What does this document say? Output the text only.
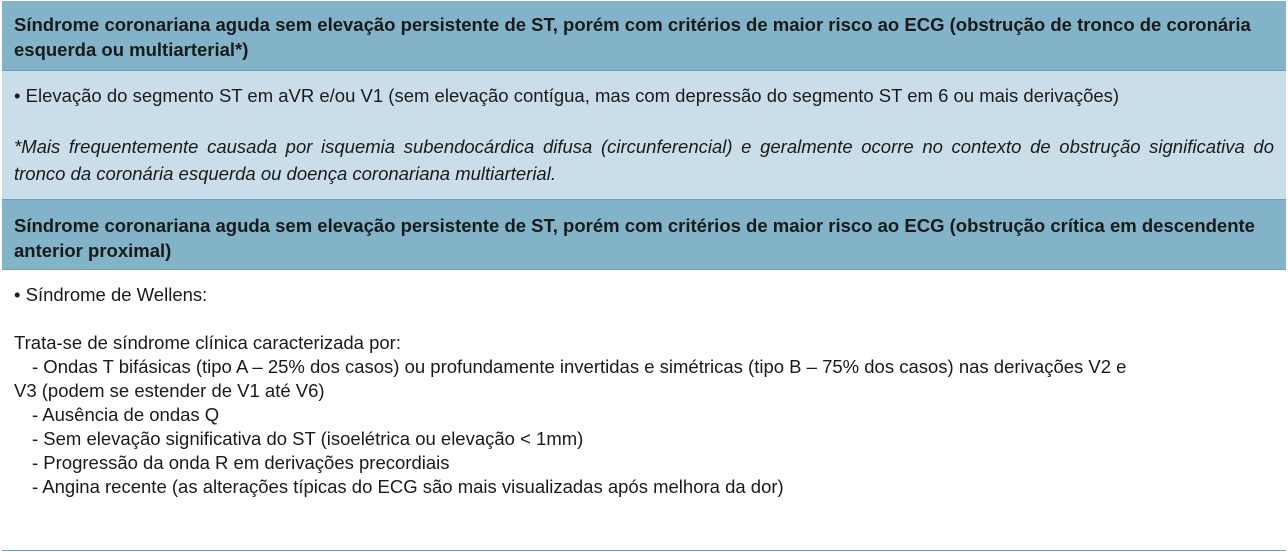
Síndrome coronariana aguda sem elevação persistente de ST, porém com critérios de maior risco ao ECG (obstrução de tronco de coronária esquerda ou multiarterial*)

• Elevação do segmento ST em aVR e/ou V1 (sem elevação contígua, mas com depressão do segmento ST em 6 ou mais derivações)

*Mais frequentemente causada por isquemia subendocárdica difusa (circunferencial) e geralmente ocorre no contexto de obstrução significativa do tronco da coronária esquerda ou doença coronariana multiarterial.

Síndrome coronariana aguda sem elevação persistente de ST, porém com critérios de maior risco ao ECG (obstrução crítica em descendente anterior proximal)

• Síndrome de Wellens:

Trata-se de síndrome clínica caracterizada por:

- Ondas T bifásicas (tipo A – 25% dos casos) ou profundamente invertidas e simétricas (tipo B – 75% dos casos) nas derivações V2 e

V3 (podem se estender de V1 até V6)

- Ausência de ondas Q

- Sem elevação significativa do ST (isoelétrica ou elevação < 1mm)

- Progressão da onda R em derivações precordiais

- Angina recente (as alterações típicas do ECG são mais visualizadas após melhora da dor)
